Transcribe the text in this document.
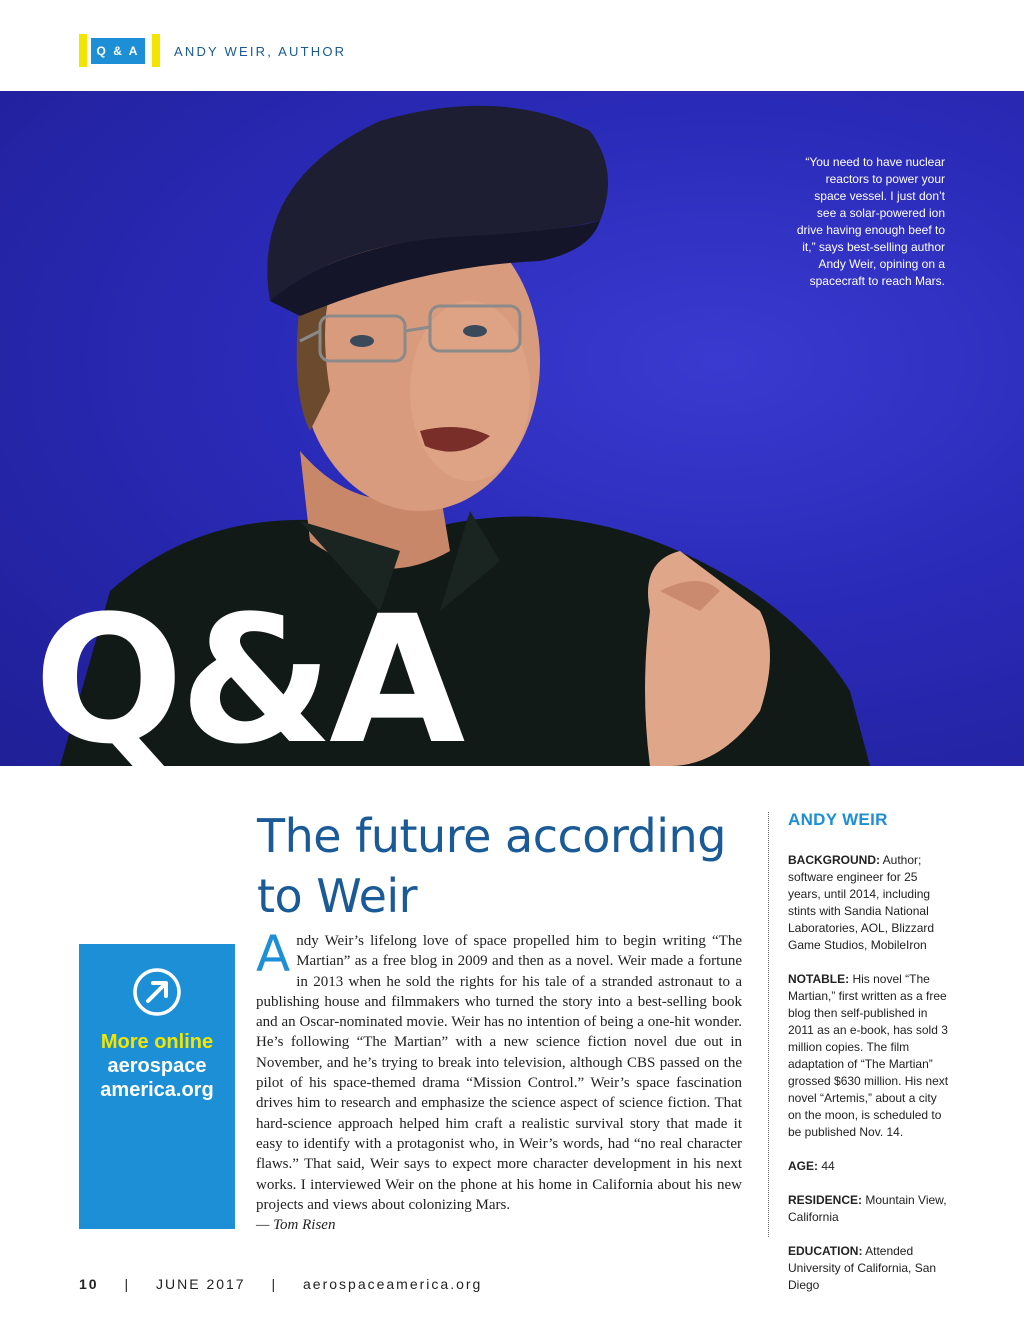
Q & A	ANDY WEIR, AUTHOR
“You need to have nuclear reactors to power your space vessel. I just don’t see a solar-powered ion drive having enough beef to it,” says best-selling author Andy Weir, opining on a spacecraft to reach Mars.
NASA
Q&A
The future according to Weir
Andy Weir’s lifelong love of space propelled him to begin writing “The Martian” as a free blog in 2009 and then as a novel. Weir made a fortune in 2013 when he sold the rights for his tale of a stranded astronaut to a publishing house and filmmakers who turned the story into a best-selling book and an Oscar-nominated movie. Weir has no intention of being a one-hit wonder. He’s following “The Martian” with a new science fiction novel due out in November, and he’s trying to break into television, although CBS passed on the pilot of his space-themed drama “Mission Control.” Weir’s space fascination drives him to research and emphasize the science aspect of science fiction. That hard-science approach helped him craft a realistic survival story that made it easy to identify with a protagonist who, in Weir’s words, had “no real character flaws.” That said, Weir says to expect more character development in his next works. I interviewed Weir on the phone at his home in California about his new projects and views about colonizing Mars.
— Tom Risen
More online
aerospace
america.org
ANDY WEIR
BACKGROUND: Author; software engineer for 25 years, until 2014, including stints with Sandia National Laboratories, AOL, Blizzard Game Studios, MobileIron
NOTABLE: His novel “The Martian,” first written as a free blog then self-published in 2011 as an e-book, has sold 3 million copies. The film adaptation of “The Martian” grossed $630 million. His next novel “Artemis,” about a city on the moon, is scheduled to be published Nov. 14.
AGE: 44
RESIDENCE: Mountain View, California
EDUCATION: Attended University of California, San Diego
10 | JUNE 2017 | aerospaceamerica.org
